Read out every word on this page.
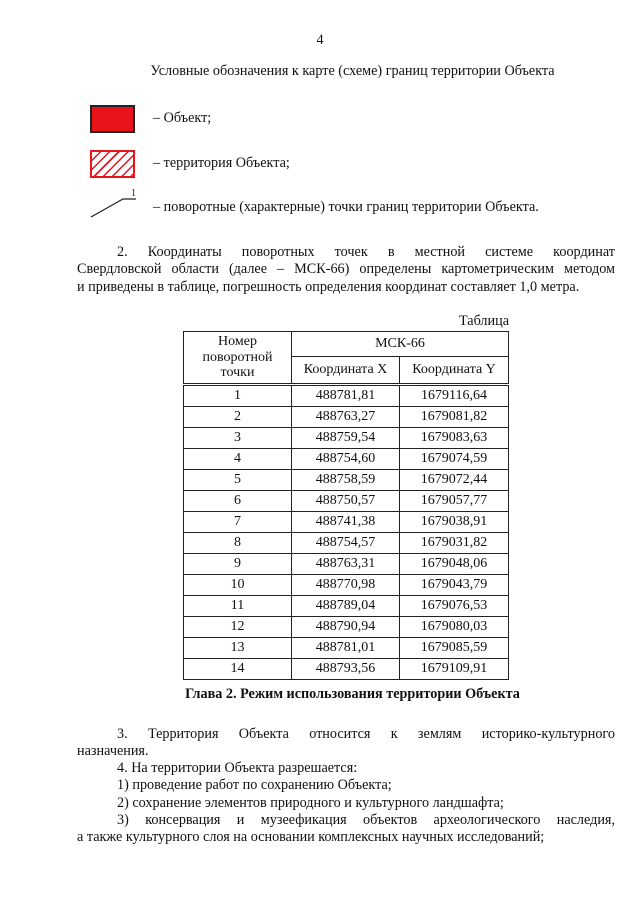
4
Условные обозначения к карте (схеме) границ территории Объекта
– Объект;
– территория Объекта;
1
– поворотные (характерные) точки границ территории Объекта.
2. Координаты поворотных точек в местной системе координат
Свердловской области (далее – МСК-66) определены картометрическим методом
и приведены в таблице, погрешность определения координат составляет 1,0 метра.
Таблица
Номер поворотной точки	МСК-66	
	Координата X	Координата Y
1	488781,81	1679116,64
2	488763,27	1679081,82
3	488759,54	1679083,63
4	488754,60	1679074,59
5	488758,59	1679072,44
6	488750,57	1679057,77
7	488741,38	1679038,91
8	488754,57	1679031,82
9	488763,31	1679048,06
10	488770,98	1679043,79
11	488789,04	1679076,53
12	488790,94	1679080,03
13	488781,01	1679085,59
14	488793,56	1679109,91
Глава 2. Режим использования территории Объекта
3. Территория Объекта относится к землям историко-культурного
назначения.
4. На территории Объекта разрешается:
1) проведение работ по сохранению Объекта;
2) сохранение элементов природного и культурного ландшафта;
3) консервация и музеефикация объектов археологического наследия,
а также культурного слоя на основании комплексных научных исследований;
